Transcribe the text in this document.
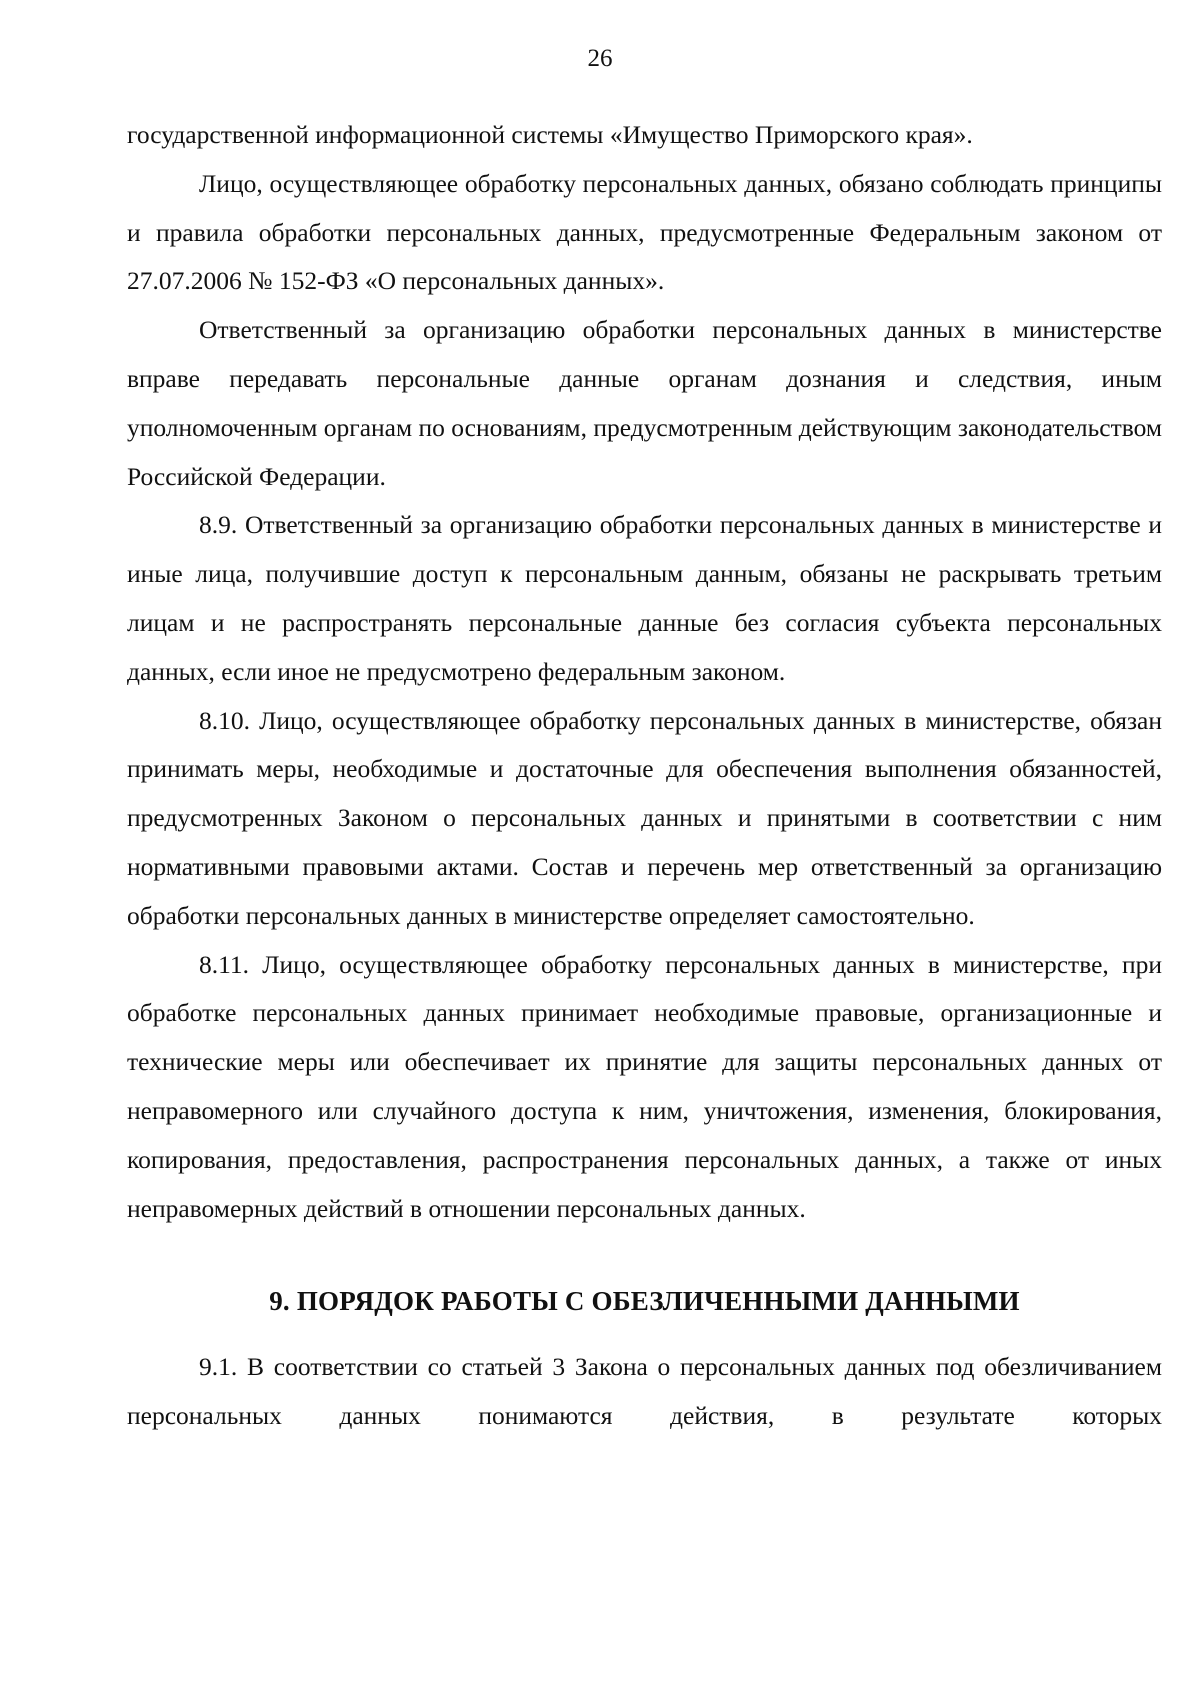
26

государственной информационной системы «Имущество Приморского края».

Лицо, осуществляющее обработку персональных данных, обязано соблюдать принципы и правила обработки персональных данных, предусмотренные Федеральным законом от 27.07.2006 № 152-ФЗ «О персональных данных».

Ответственный за организацию обработки персональных данных в министерстве вправе передавать персональные данные органам дознания и следствия, иным уполномоченным органам по основаниям, предусмотренным действующим законодательством Российской Федерации.

8.9. Ответственный за организацию обработки персональных данных в министерстве и иные лица, получившие доступ к персональным данным, обязаны не раскрывать третьим лицам и не распространять персональные данные без согласия субъекта персональных данных, если иное не предусмотрено федеральным законом.

8.10. Лицо, осуществляющее обработку персональных данных в министерстве, обязан принимать меры, необходимые и достаточные для обеспечения выполнения обязанностей, предусмотренных Законом о персональных данных и принятыми в соответствии с ним нормативными правовыми актами. Состав и перечень мер ответственный за организацию обработки персональных данных в министерстве определяет самостоятельно.

8.11. Лицо, осуществляющее обработку персональных данных в министерстве, при обработке персональных данных принимает необходимые правовые, организационные и технические меры или обеспечивает их принятие для защиты персональных данных от неправомерного или случайного доступа к ним, уничтожения, изменения, блокирования, копирования, предоставления, распространения персональных данных, а также от иных неправомерных действий в отношении персональных данных.

9. ПОРЯДОК РАБОТЫ С ОБЕЗЛИЧЕННЫМИ ДАННЫМИ

9.1. В соответствии со статьей 3 Закона о персональных данных под обезличиванием персональных данных понимаются действия, в результате которых
